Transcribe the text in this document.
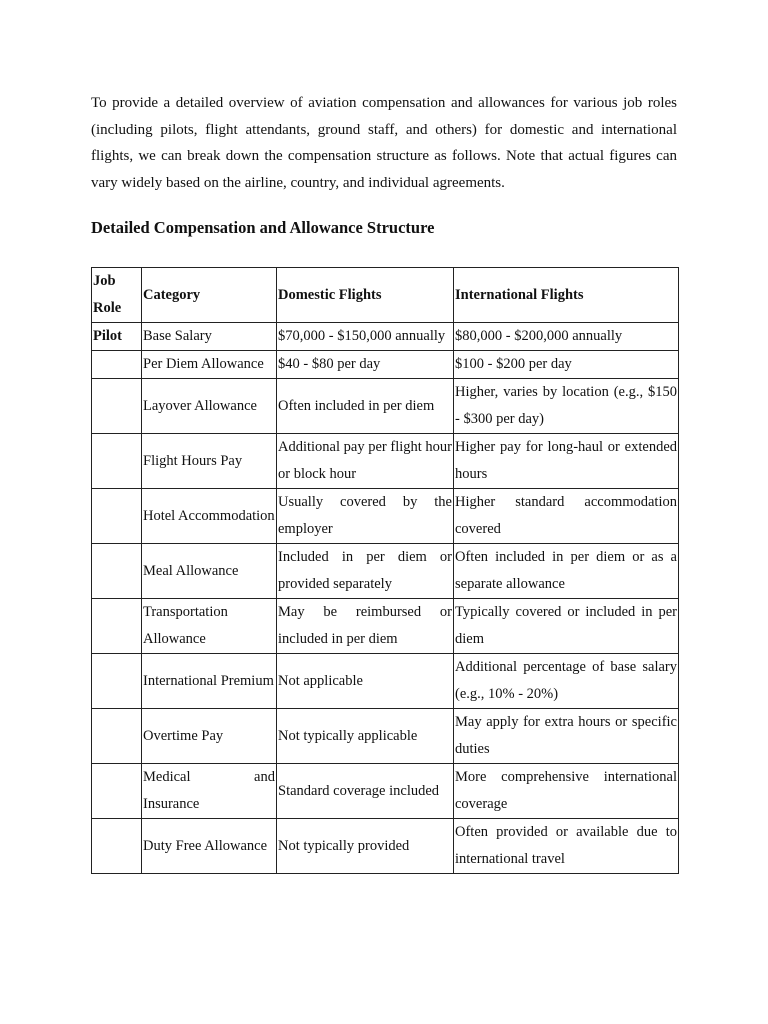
To provide a detailed overview of aviation compensation and allowances for various job roles (including pilots, flight attendants, ground staff, and others) for domestic and international flights, we can break down the compensation structure as follows. Note that actual figures can vary widely based on the airline, country, and individual agreements.

Detailed Compensation and Allowance Structure
Job Role	Category	Domestic Flights	International Flights
Pilot	Base Salary	$70,000 - $150,000 annually	$80,000 - $200,000 annually
	Per Diem Allowance	$40 - $80 per day	$100 - $200 per day
	Layover Allowance	Often included in per diem	Higher, varies by location (e.g., $150 - $300 per day)
	Flight Hours Pay	Additional pay per flight hour or block hour	Higher pay for long-haul or extended hours
	Hotel Accommodation	Usually covered by the employer	Higher standard accommodation covered
	Meal Allowance	Included in per diem or provided separately	Often included in per diem or as a separate allowance
	Transportation Allowance	May be reimbursed or included in per diem	Typically covered or included in per diem
	International Premium	Not applicable	Additional percentage of base salary (e.g., 10% - 20%)
	Overtime Pay	Not typically applicable	May apply for extra hours or specific duties
	Medical and Insurance	Standard coverage included	More comprehensive international coverage
	Duty Free Allowance	Not typically provided	Often provided or available due to international travel
